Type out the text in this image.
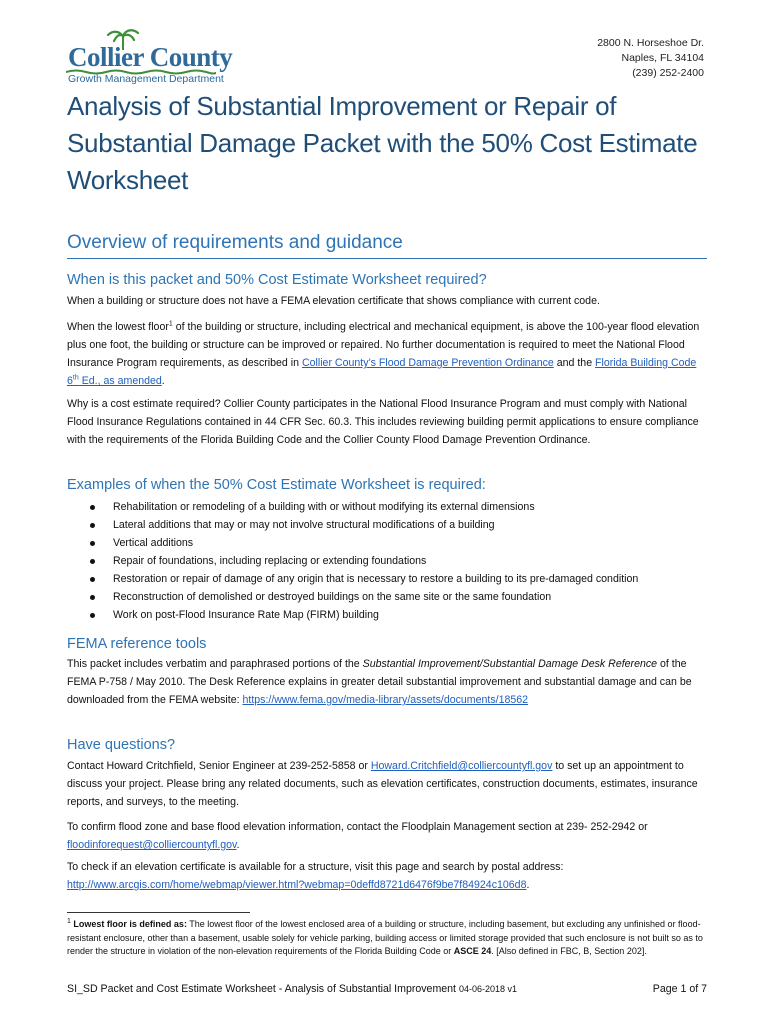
Collier County
Growth Management Department
2800 N. Horseshoe Dr.
Naples, FL 34104
(239) 252-2400
Analysis of Substantial Improvement or Repair of Substantial Damage Packet with the 50% Cost Estimate Worksheet
Overview of requirements and guidance
When is this packet and 50% Cost Estimate Worksheet required?
When a building or structure does not have a FEMA elevation certificate that shows compliance with current code.
When the lowest floor$^1$ of the building or structure, including electrical and mechanical equipment, is above the 100-year flood elevation plus one foot, the building or structure can be improved or repaired. No further documentation is required to meet the National Flood Insurance Program requirements, as described in Collier County’s Flood Damage Prevention Ordinance and the Florida Building Code 6th Ed., as amended.
Why is a cost estimate required? Collier County participates in the National Flood Insurance Program and must comply with National Flood Insurance Regulations contained in 44 CFR Sec. 60.3. This includes reviewing building permit applications to ensure compliance with the requirements of the Florida Building Code and the Collier County Flood Damage Prevention Ordinance.
Examples of when the 50% Cost Estimate Worksheet is required:
Rehabilitation or remodeling of a building with or without modifying its external dimensions
Lateral additions that may or may not involve structural modifications of a building
Vertical additions
Repair of foundations, including replacing or extending foundations
Restoration or repair of damage of any origin that is necessary to restore a building to its pre-damaged condition
Reconstruction of demolished or destroyed buildings on the same site or the same foundation
Work on post-Flood Insurance Rate Map (FIRM) building
FEMA reference tools
This packet includes verbatim and paraphrased portions of the Substantial Improvement/Substantial Damage Desk Reference of the FEMA P-758 / May 2010. The Desk Reference explains in greater detail substantial improvement and substantial damage and can be downloaded from the FEMA website: https://www.fema.gov/media-library/assets/documents/18562
Have questions?
Contact Howard Critchfield, Senior Engineer at 239-252-5858 or Howard.Critchfield@colliercountyfl.gov to set up an appointment to discuss your project. Please bring any related documents, such as elevation certificates, construction documents, estimates, insurance reports, and surveys, to the meeting.
To confirm flood zone and base flood elevation information, contact the Floodplain Management section at 239- 252-2942 or floodinforequest@colliercountyfl.gov.
To check if an elevation certificate is available for a structure, visit this page and search by postal address: http://www.arcgis.com/home/webmap/viewer.html?webmap=0deffd8721d6476f9be7f84924c106d8.
$^1$ Lowest floor is defined as: The lowest floor of the lowest enclosed area of a building or structure, including basement, but excluding any unfinished or flood-resistant enclosure, other than a basement, usable solely for vehicle parking, building access or limited storage provided that such enclosure is not built so as to render the structure in violation of the non-elevation requirements of the Florida Building Code or ASCE 24. [Also defined in FBC, B, Section 202].
SI_SD Packet and Cost Estimate Worksheet - Analysis of Substantial Improvement 04-06-2018 v1	Page 1 of 7
